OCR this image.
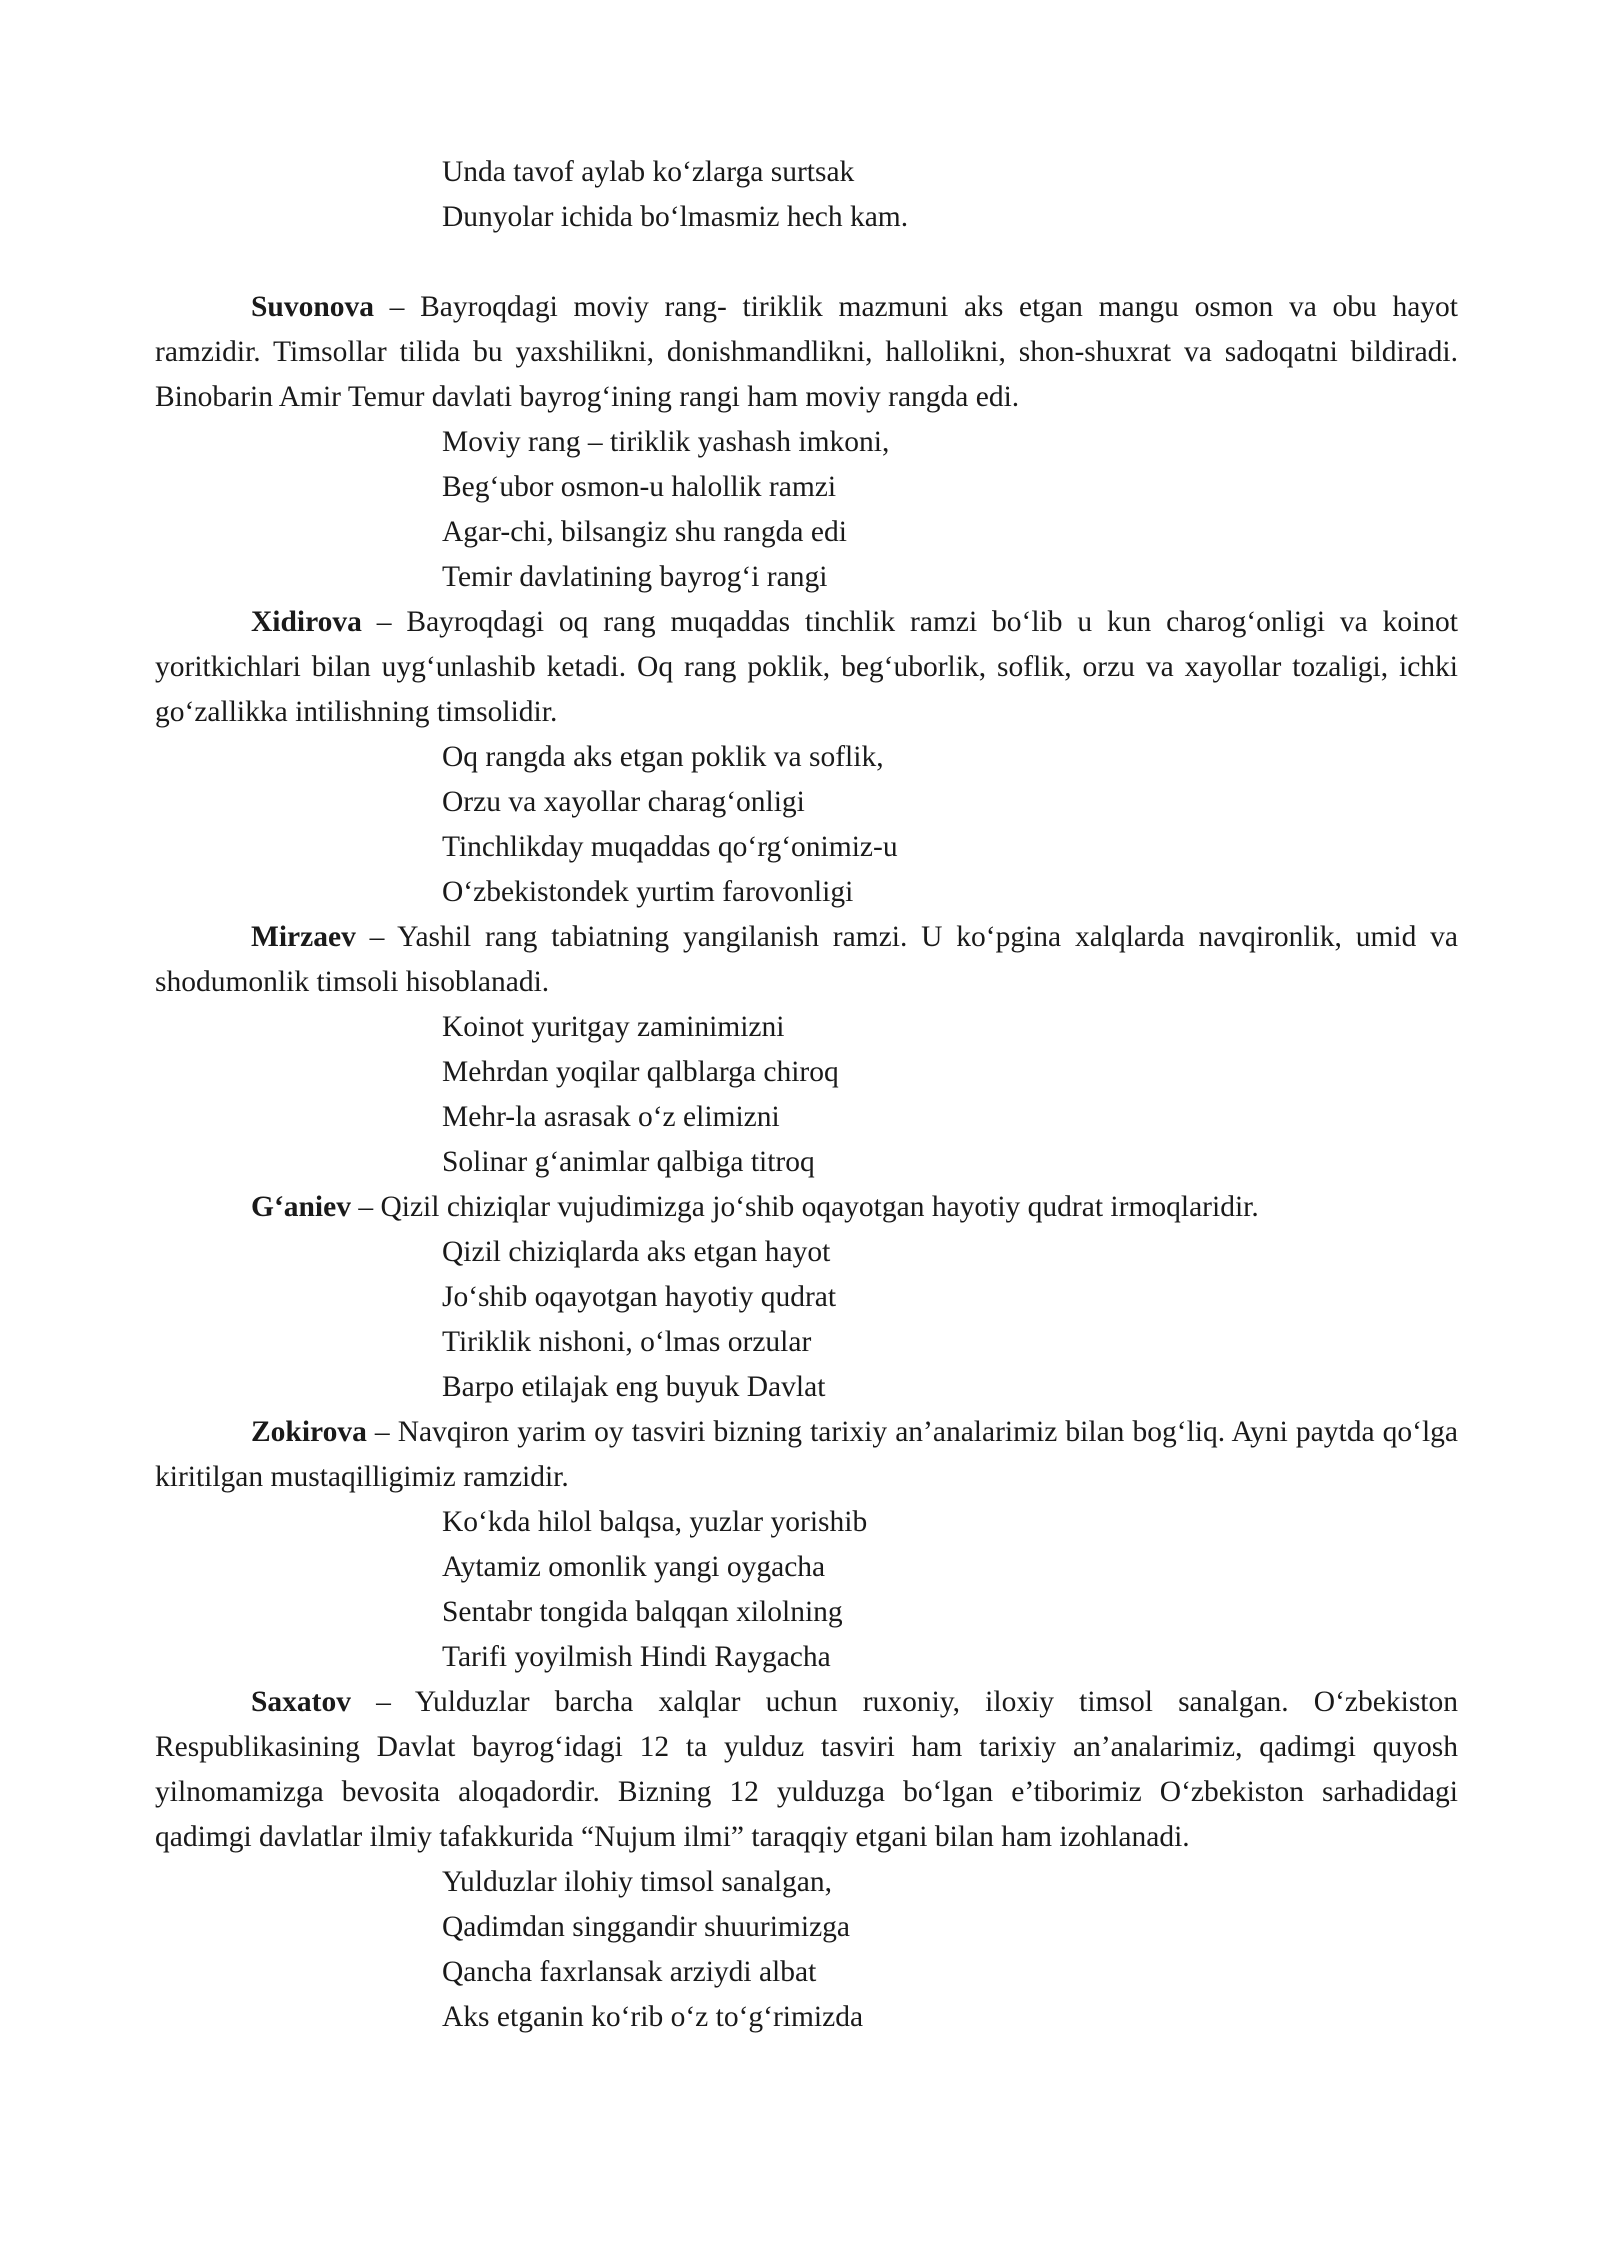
Unda tavof aylab ko‘zlarga surtsak
Dunyolar ichida bo‘lmasmiz hech kam.

Suvonova – Bayroqdagi moviy rang- tiriklik mazmuni aks etgan mangu osmon va obu hayot ramzidir. Timsollar tilida bu yaxshilikni, donishmandlikni, hallolikni, shon-shuxrat va sadoqatni bildiradi. Binobarin Amir Temur davlati bayrog‘ining rangi ham moviy rangda edi.

Moviy rang – tiriklik yashash imkoni,
Beg‘ubor osmon-u halollik ramzi
Agar-chi, bilsangiz shu rangda edi
Temir davlatining bayrog‘i rangi

Xidirova – Bayroqdagi oq rang muqaddas tinchlik ramzi bo‘lib u kun charog‘onligi va koinot yoritkichlari bilan uyg‘unlashib ketadi. Oq rang poklik, beg‘uborlik, soflik, orzu va xayollar tozaligi, ichki go‘zallikka intilishning timsolidir.

Oq rangda aks etgan poklik va soflik,
Orzu va xayollar charag‘onligi
Tinchlikday muqaddas qo‘rg‘onimiz-u
O‘zbekistondek yurtim farovonligi

Mirzaev – Yashil rang tabiatning yangilanish ramzi. U ko‘pgina xalqlarda navqironlik, umid va shodumonlik timsoli hisoblanadi.

Koinot yuritgay zaminimizni
Mehrdan yoqilar qalblarga chiroq
Mehr-la asrasak o‘z elimizni
Solinar g‘animlar qalbiga titroq

G‘aniev – Qizil chiziqlar vujudimizga jo‘shib oqayotgan hayotiy qudrat irmoqlaridir.

Qizil chiziqlarda aks etgan hayot
Jo‘shib oqayotgan hayotiy qudrat
Tiriklik nishoni, o‘lmas orzular
Barpo etilajak eng buyuk Davlat

Zokirova – Navqiron yarim oy tasviri bizning tarixiy an’analarimiz bilan bog‘liq. Ayni paytda qo‘lga kiritilgan mustaqilligimiz ramzidir.

Ko‘kda hilol balqsa, yuzlar yorishib
Aytamiz omonlik yangi oygacha
Sentabr tongida balqqan xilolning
Tarifi yoyilmish Hindi Raygacha

Saxatov – Yulduzlar barcha xalqlar uchun ruxoniy, iloxiy timsol sanalgan. O‘zbekiston Respublikasining Davlat bayrog‘idagi 12 ta yulduz tasviri ham tarixiy an’analarimiz, qadimgi quyosh yilnomamizga bevosita aloqadordir. Bizning 12 yulduzga bo‘lgan e’tiborimiz O‘zbekiston sarhadidagi qadimgi davlatlar ilmiy tafakkurida “Nujum ilmi” taraqqiy etgani bilan ham izohlanadi.

Yulduzlar ilohiy timsol sanalgan,
Qadimdan singgandir shuurimizga
Qancha faxrlansak arziydi albat
Aks etganin ko‘rib o‘z to‘g‘rimizda
